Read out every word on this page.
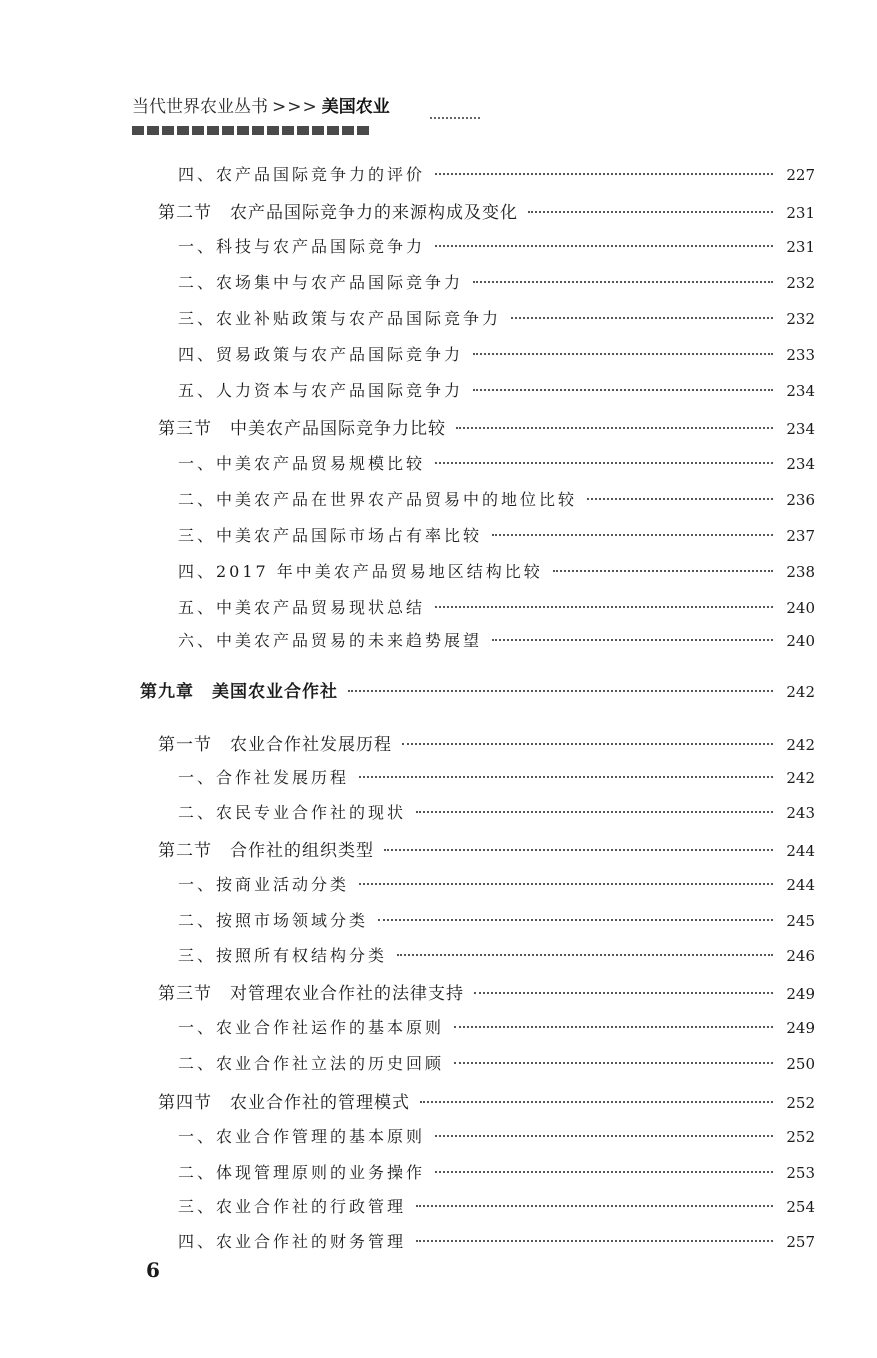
当代世界农业丛书 >>> 美国农业
四、农产品国际竞争力的评价	227
第二节　农产品国际竞争力的来源构成及变化	231
一、科技与农产品国际竞争力	231
二、农场集中与农产品国际竞争力	232
三、农业补贴政策与农产品国际竞争力	232
四、贸易政策与农产品国际竞争力	233
五、人力资本与农产品国际竞争力	234
第三节　中美农产品国际竞争力比较	234
一、中美农产品贸易规模比较	234
二、中美农产品在世界农产品贸易中的地位比较	236
三、中美农产品国际市场占有率比较	237
四、2017 年中美农产品贸易地区结构比较	238
五、中美农产品贸易现状总结	240
六、中美农产品贸易的未来趋势展望	240
第九章　美国农业合作社	242
第一节　农业合作社发展历程	242
一、合作社发展历程	242
二、农民专业合作社的现状	243
第二节　合作社的组织类型	244
一、按商业活动分类	244
二、按照市场领域分类	245
三、按照所有权结构分类	246
第三节　对管理农业合作社的法律支持	249
一、农业合作社运作的基本原则	249
二、农业合作社立法的历史回顾	250
第四节　农业合作社的管理模式	252
一、农业合作管理的基本原则	252
二、体现管理原则的业务操作	253
三、农业合作社的行政管理	254
四、农业合作社的财务管理	257
6
